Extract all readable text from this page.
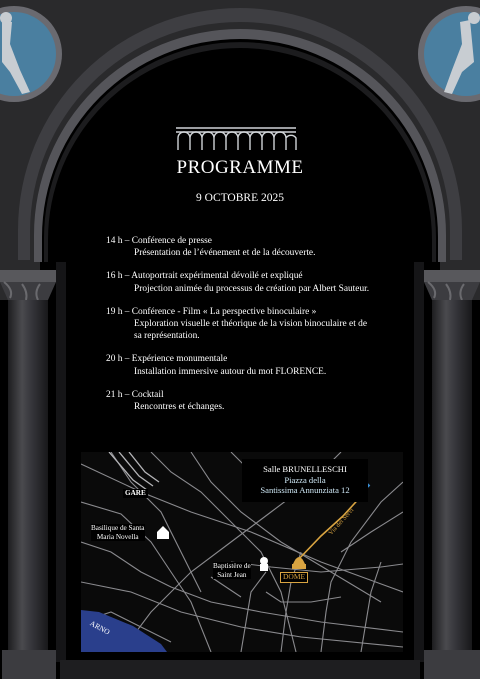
PROGRAMME
9 OCTOBRE 2025
14 h – Conférence de presse
Présentation de l’événement et de la découverte.
16 h – Autoportrait expérimental dévoilé et expliqué
Projection animée du processus de création par Albert Sauteur.
19 h – Conférence - Film « La perspective binoculaire »
Exploration visuelle et théorique de la vision binoculaire et de
sa représentation.
20 h – Expérience monumentale
Installation immersive autour du mot FLORENCE.
21 h – Cocktail
Rencontres et échanges.
Salle BRUNELLESCHI
Piazza della
Santissima Annunziata 12
GARE
Basilique de Santa
Maria Novella
Baptistère de
Saint Jean	DOME
Via dei Servi
ARNO
